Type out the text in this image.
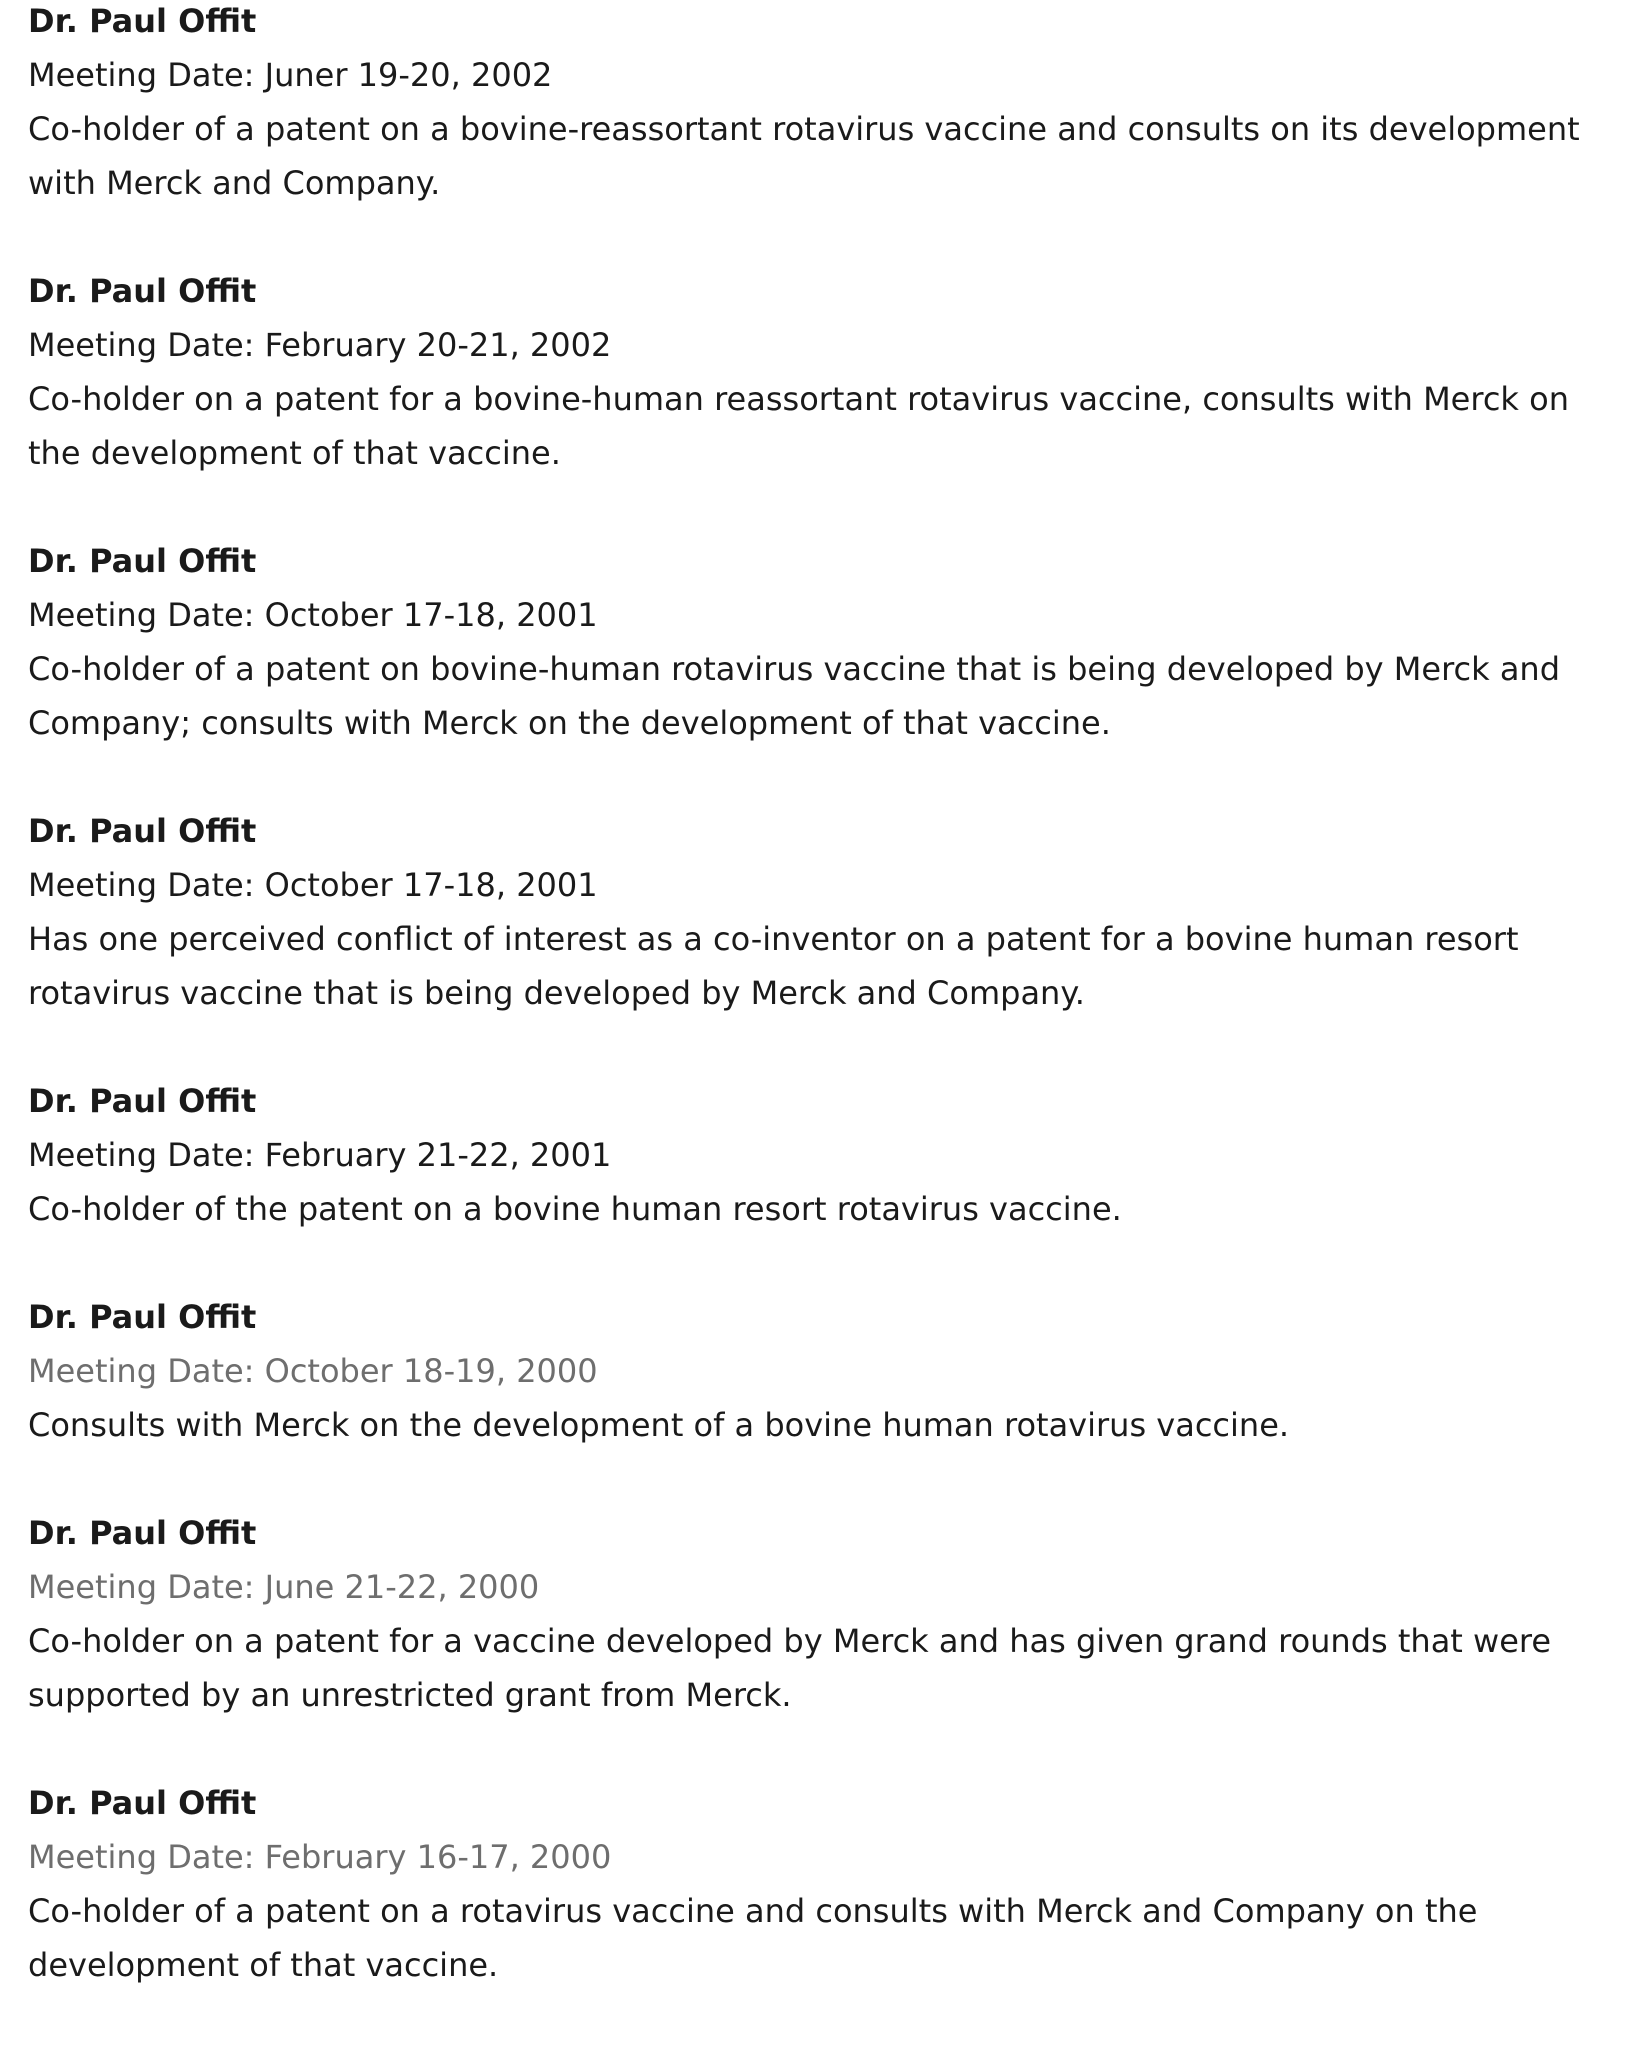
Dr. Paul Offit
Meeting Date: Juner 19-20, 2002
Co-holder of a patent on a bovine-reassortant rotavirus vaccine and consults on its development with Merck and Company.
Dr. Paul Offit
Meeting Date: February 20-21, 2002
Co-holder on a patent for a bovine-human reassortant rotavirus vaccine, consults with Merck on the development of that vaccine.
Dr. Paul Offit
Meeting Date: October 17-18, 2001
Co-holder of a patent on bovine-human rotavirus vaccine that is being developed by Merck and Company; consults with Merck on the development of that vaccine.
Dr. Paul Offit
Meeting Date: October 17-18, 2001
Has one perceived conflict of interest as a co-inventor on a patent for a bovine human resort rotavirus vaccine that is being developed by Merck and Company.
Dr. Paul Offit
Meeting Date: February 21-22, 2001
Co-holder of the patent on a bovine human resort rotavirus vaccine.
Dr. Paul Offit
Meeting Date: October 18-19, 2000
Consults with Merck on the development of a bovine human rotavirus vaccine.
Dr. Paul Offit
Meeting Date: June 21-22, 2000
Co-holder on a patent for a vaccine developed by Merck and has given grand rounds that were supported by an unrestricted grant from Merck.
Dr. Paul Offit
Meeting Date: February 16-17, 2000
Co-holder of a patent on a rotavirus vaccine and consults with Merck and Company on the development of that vaccine.
